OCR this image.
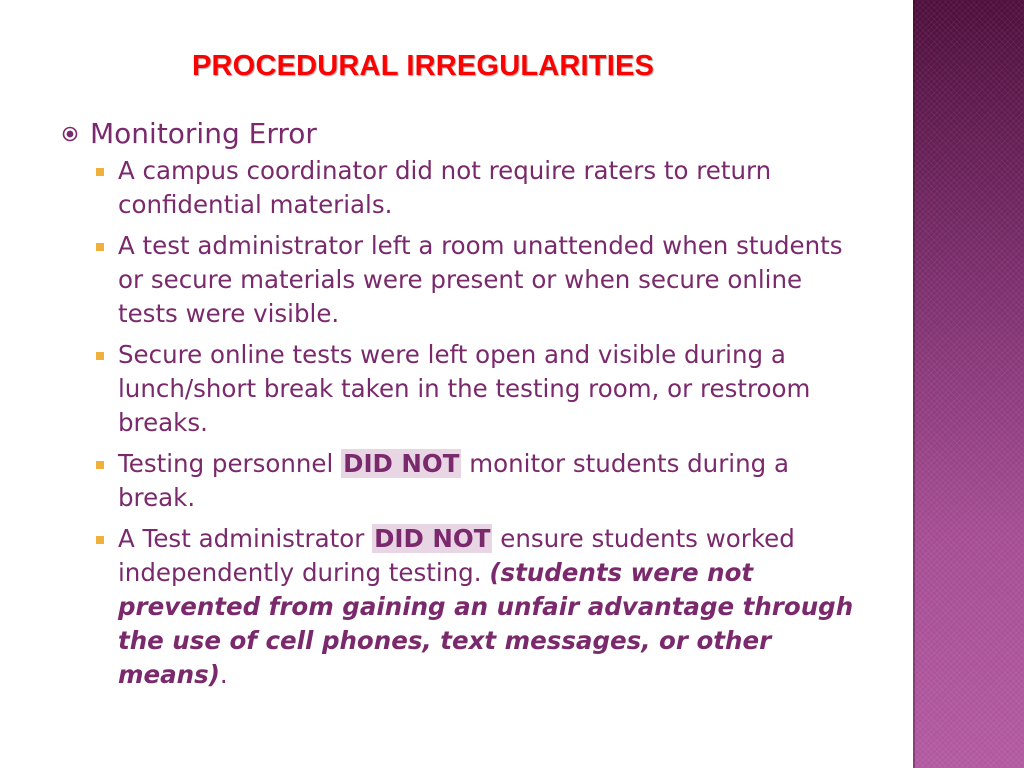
PROCEDURAL IRREGULARITIES
Monitoring Error
A campus coordinator did not require raters to return confidential materials.
A test administrator left a room unattended when students or secure materials were present or when secure online tests were visible.
Secure online tests were left open and visible during a lunch/short break taken in the testing room, or restroom breaks.
Testing personnel DID NOT monitor students during a break.
A Test administrator DID NOT ensure students worked independently during testing. (students were not prevented from gaining an unfair advantage through the use of cell phones, text messages, or other means).
